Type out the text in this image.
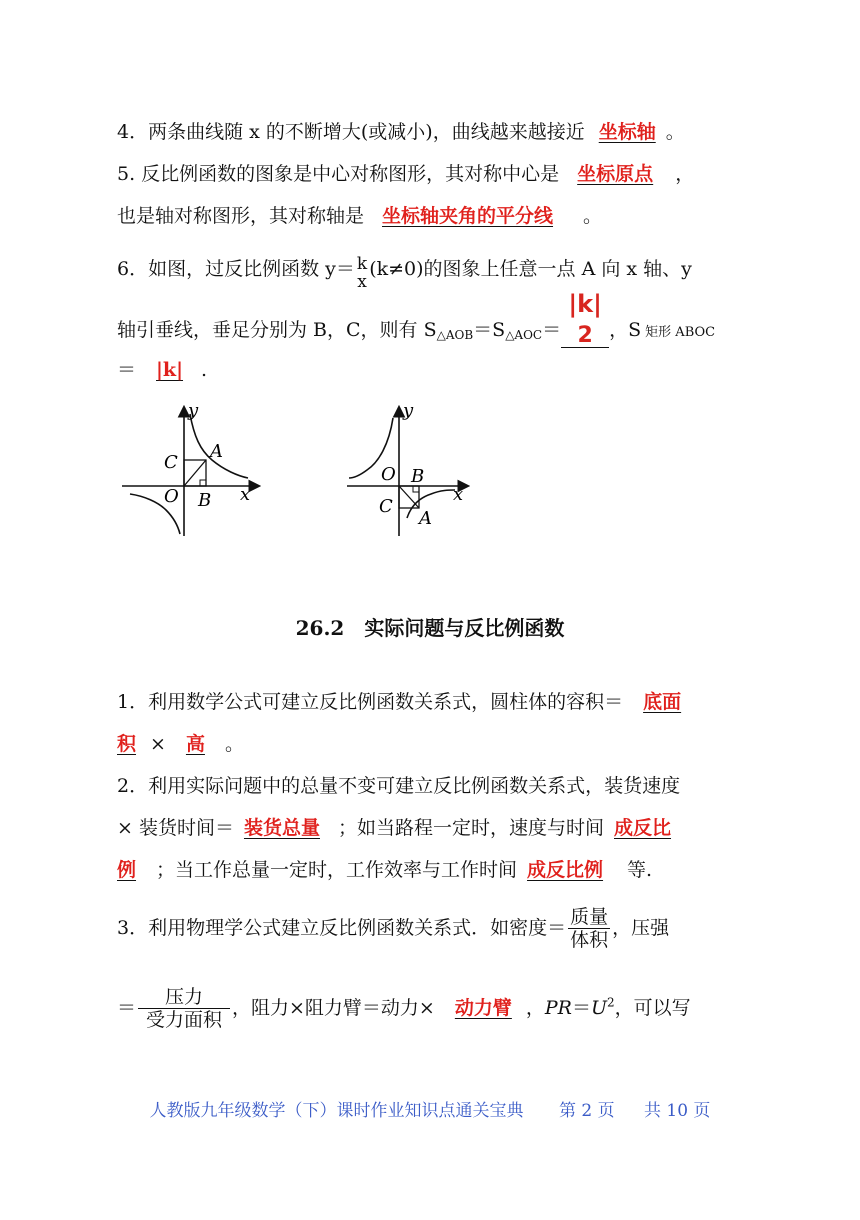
4．两条曲线随 x 的不断增大(或减小)，曲线越来越接近 坐标轴 。
5. 反比例函数的图象是中心对称图形，其对称中心是 坐标原点 ，
也是轴对称图形，其对称轴是 坐标轴夹角的平分线 。
6．如图，过反比例函数 y＝ k
x
(k≠0)的图象上任意一点 A 向 x 轴、y
轴引垂线，垂足分别为 B，C，则有 $S_{\triangle AOB}=S_{\triangle AOC}=$
|k|
2 ，S 矩形 ABOC
＝ |k| .
y
x
A
B
C
O
y
x
A
B
C
O
26.2　实际问题与反比例函数
1．利用数学公式可建立反比例函数关系式，圆柱体的容积＝ 底面
积 × 高 。
2．利用实际问题中的总量不变可建立反比例函数关系式，装货速度
× 装货时间＝ 装货总量 ；如当路程一定时，速度与时间 成反比
例 ；当工作总量一定时，工作效率与工作时间 成反比例 等.
3．利用物理学公式建立反比例函数关系式．如密度＝ $\frac{\text{质量}}{\text{体积}}$ ，压强
＝ $\frac{\text{压力}}{\text{受力面积}}$ ，阻力×阻力臂＝动力× 动力臂 ，$PR=U^2$，可以写
人教版九年级数学（下）课时作业知识点通关宝典 第 2 页 共 10 页
